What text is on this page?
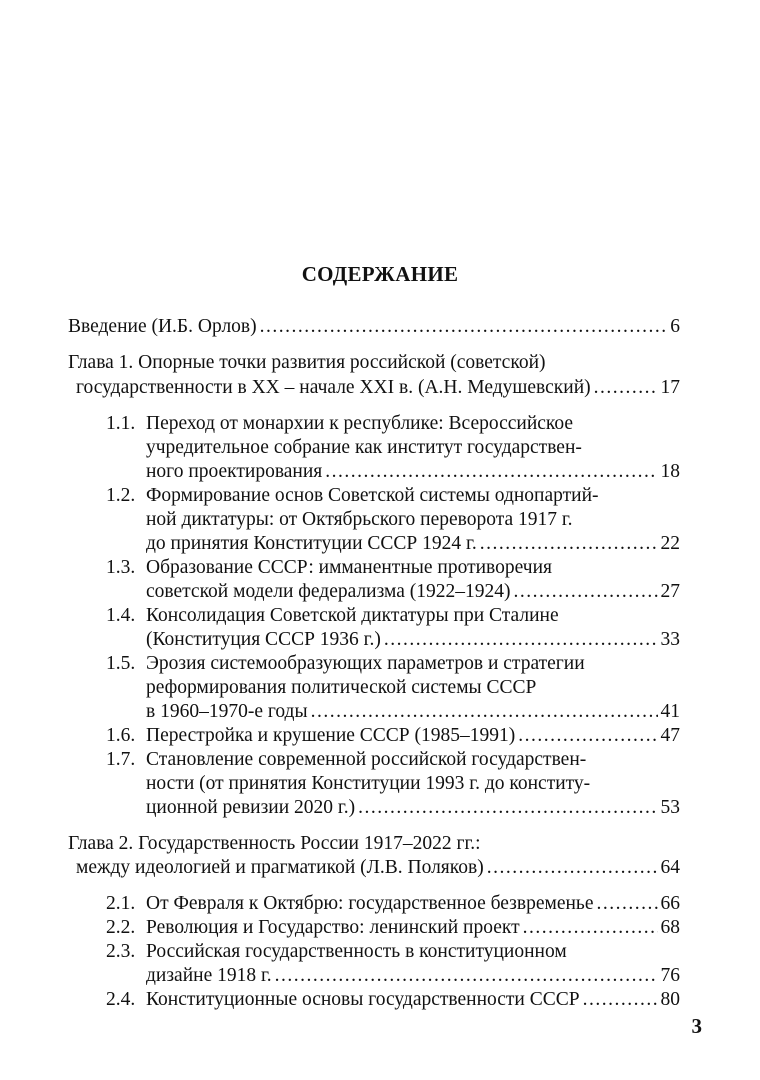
СОДЕРЖАНИЕ
Введение (И.Б. Орлов) .....	6
Глава 1. Опорные точки развития российской (советской)
государственности в XX – начале XXI в. (А.Н. Медушевский) .....	17
1.1. Переход от монархии к республике: Всероссийское
учредительное собрание как институт государствен-
ного проектирования .....	18
1.2. Формирование основ Советской системы однопартий-
ной диктатуры: от Октябрьского переворота 1917 г.
до принятия Конституции СССР 1924 г. .....	22
1.3. Образование СССР: имманентные противоречия
советской модели федерализма (1922–1924) .....	27
1.4. Консолидация Советской диктатуры при Сталине
(Конституция СССР 1936 г.) .....	33
1.5. Эрозия системообразующих параметров и стратегии
реформирования политической системы СССР
в 1960–1970-е годы .....	41
1.6. Перестройка и крушение СССР (1985–1991) .....	47
1.7. Становление современной российской государствен-
ности (от принятия Конституции 1993 г. до конститу-
ционной ревизии 2020 г.) .....	53
Глава 2. Государственность России 1917–2022 гг.:
между идеологией и прагматикой (Л.В. Поляков) .....	64
2.1. От Февраля к Октябрю: государственное безвременье .....	66
2.2. Революция и Государство: ленинский проект .....	68
2.3. Российская государственность в конституционном
дизайне 1918 г. .....	76
2.4. Конституционные основы государственности СССР .....	80
3
